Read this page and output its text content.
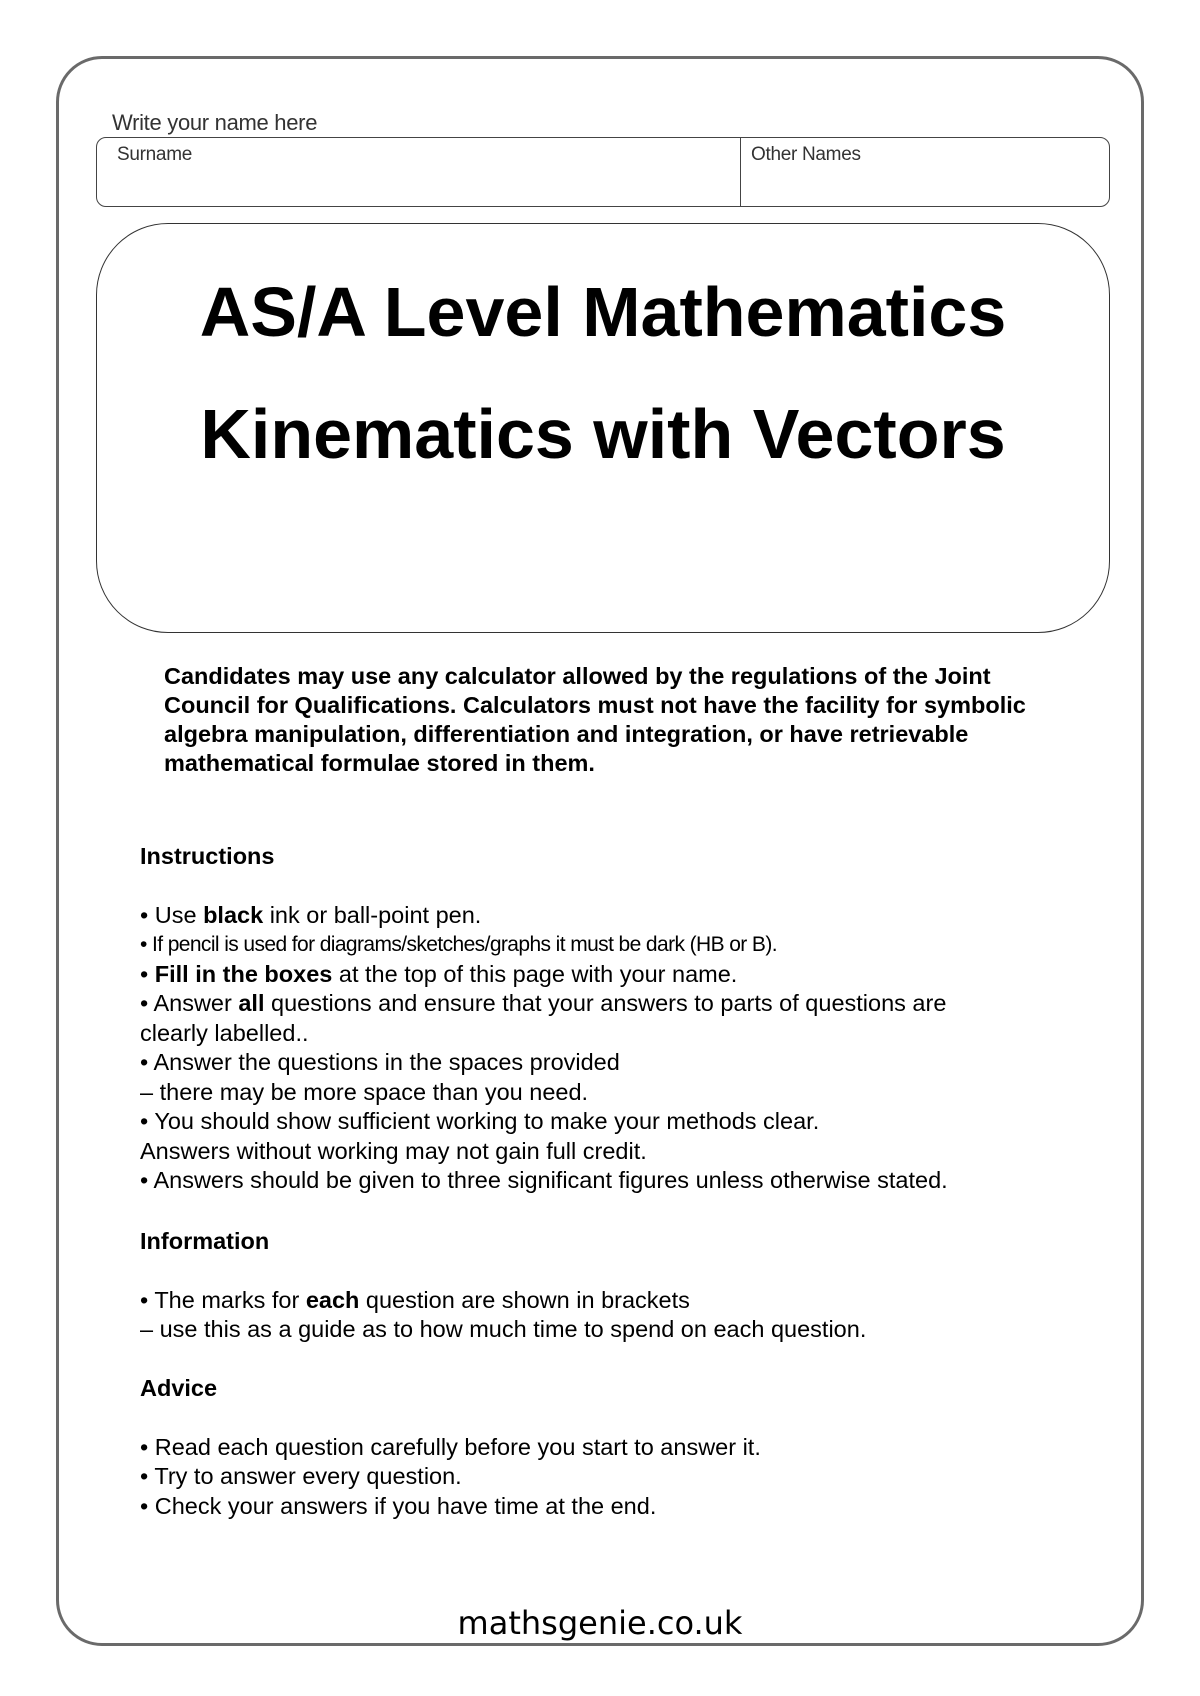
Write your name here
Surname	Other Names
AS/A Level Mathematics
Kinematics with Vectors
Candidates may use any calculator allowed by the regulations of the Joint Council for Qualifications. Calculators must not have the facility for symbolic algebra manipulation, differentiation and integration, or have retrievable mathematical formulae stored in them.
Instructions
• Use black ink or ball-point pen.
• If pencil is used for diagrams/sketches/graphs it must be dark (HB or B).
• Fill in the boxes at the top of this page with your name.
• Answer all questions and ensure that your answers to parts of questions are
clearly labelled..
• Answer the questions in the spaces provided
– there may be more space than you need.
• You should show sufficient working to make your methods clear.
Answers without working may not gain full credit.
• Answers should be given to three significant figures unless otherwise stated.
Information
• The marks for each question are shown in brackets
– use this as a guide as to how much time to spend on each question.
Advice
• Read each question carefully before you start to answer it.
• Try to answer every question.
• Check your answers if you have time at the end.
mathsgenie.co.uk
